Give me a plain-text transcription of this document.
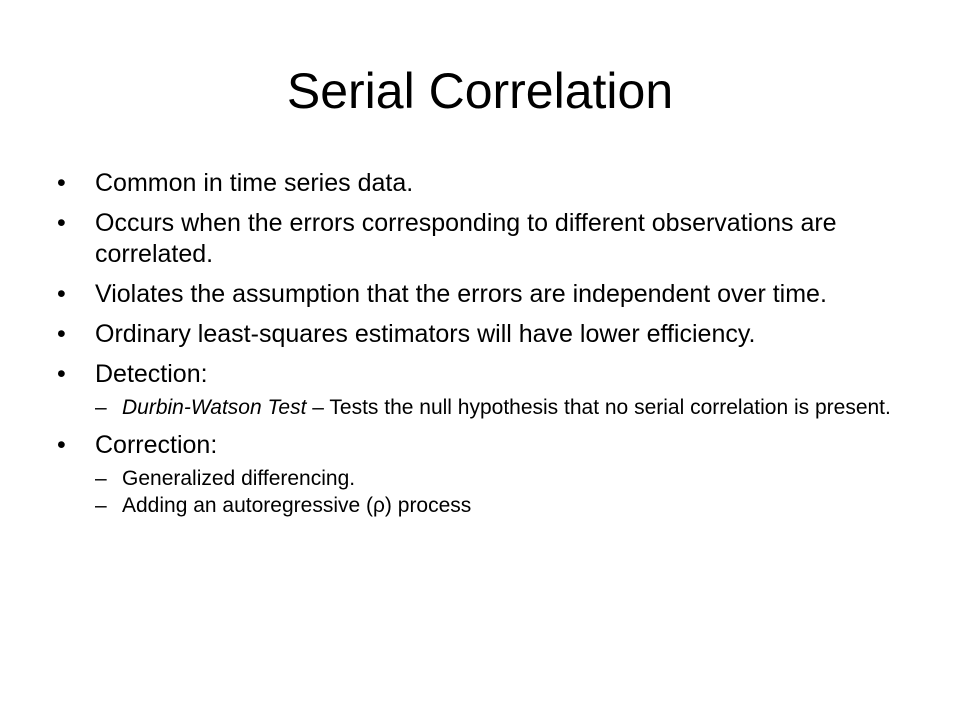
Serial Correlation
• Common in time series data.
• Occurs when the errors corresponding to different observations are correlated.
• Violates the assumption that the errors are independent over time.
• Ordinary least-squares estimators will have lower efficiency.
• Detection:
– Durbin-Watson Test – Tests the null hypothesis that no serial correlation is present.
• Correction:
– Generalized differencing.
– Adding an autoregressive (ρ) process
